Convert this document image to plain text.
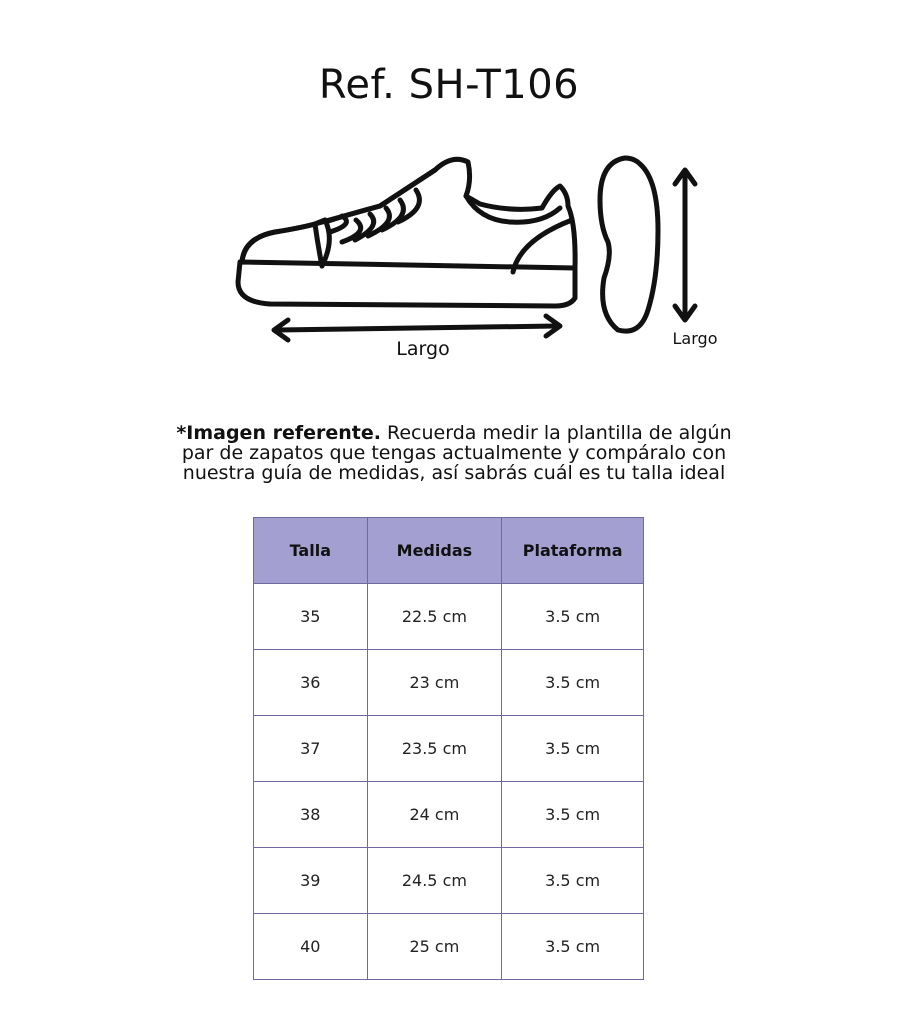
Ref. SH-T106
Largo	Largo

*Imagen referente. Recuerda medir la plantilla de algún par de zapatos que tengas actualmente y compáralo con nuestra guía de medidas, así sabrás cuál es tu talla ideal

Talla	Medidas	Plataforma
35	22.5 cm	3.5 cm
36	23 cm	3.5 cm
37	23.5 cm	3.5 cm
38	24 cm	3.5 cm
39	24.5 cm	3.5 cm
40	25 cm	3.5 cm
